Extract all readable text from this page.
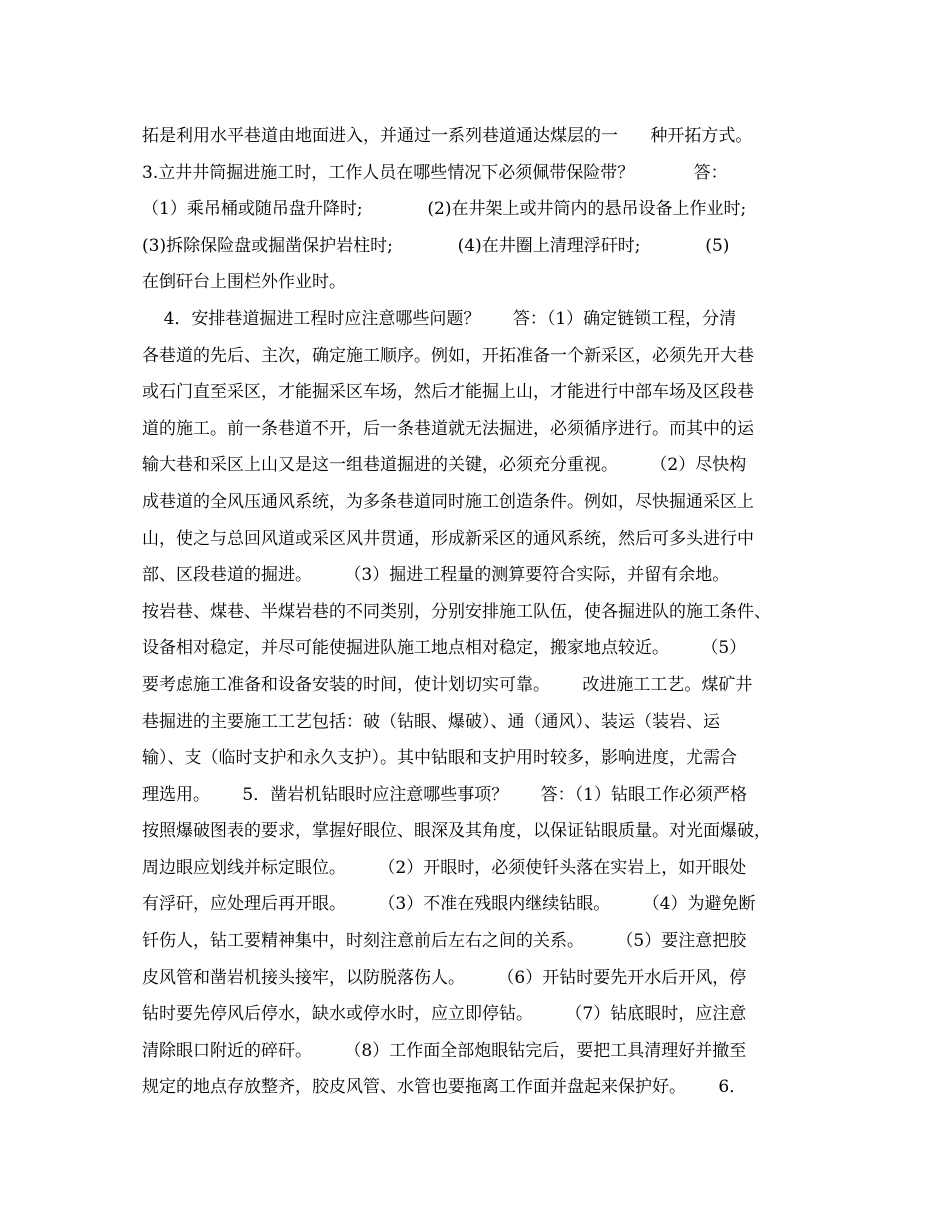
拓是利用水平巷道由地面进入，并通过一系列巷道通达煤层的一      种开拓方式。
3.立井井筒掘进施工时，工作人员在哪些情况下必须佩带保险带？           答：
（1）乘吊桶或随吊盘升降时;            (2)在井架上或井筒内的悬吊设备上作业时;
(3)拆除保险盘或掘凿保护岩柱时;            (4)在井圈上清理浮矸时;            (5)
在倒矸台上围栏外作业时。
4．安排巷道掘进工程时应注意哪些问题？      答：（1）确定链锁工程，分清
各巷道的先后、主次，确定施工顺序。例如，开拓准备一个新采区，必须先开大巷
或石门直至采区，才能掘采区车场，然后才能掘上山，才能进行中部车场及区段巷
道的施工。前一条巷道不开，后一条巷道就无法掘进，必须循序进行。而其中的运
输大巷和采区上山又是这一组巷道掘进的关键，必须充分重视。      （2）尽快构
成巷道的全风压通风系统，为多条巷道同时施工创造条件。例如，尽快掘通采区上
山，使之与总回风道或采区风井贯通，形成新采区的通风系统，然后可多头进行中
部、区段巷道的掘进。      （3）掘进工程量的测算要符合实际，并留有余地。
按岩巷、煤巷、半煤岩巷的不同类别，分别安排施工队伍，使各掘进队的施工条件、
设备相对稳定，并尽可能使掘进队施工地点相对稳定，搬家地点较近。      （5）
要考虑施工准备和设备安装的时间，使计划切实可靠。      改进施工工艺。煤矿井
巷掘进的主要施工工艺包括：破（钻眼、爆破）、通（通风）、装运（装岩、运
输）、支（临时支护和永久支护）。其中钻眼和支护用时较多，影响进度，尤需合
理选用。      5．凿岩机钻眼时应注意哪些事项？      答：（1）钻眼工作必须严格
按照爆破图表的要求，掌握好眼位、眼深及其角度，以保证钻眼质量。对光面爆破，
周边眼应划线并标定眼位。      （2）开眼时，必须使钎头落在实岩上，如开眼处
有浮矸，应处理后再开眼。      （3）不准在残眼内继续钻眼。      （4）为避免断
钎伤人，钻工要精神集中，时刻注意前后左右之间的关系。      （5）要注意把胶
皮风管和凿岩机接头接牢，以防脱落伤人。      （6）开钻时要先开水后开风，停
钻时要先停风后停水，缺水或停水时，应立即停钻。      （7）钻底眼时，应注意
清除眼口附近的碎矸。      （8）工作面全部炮眼钻完后，要把工具清理好并撤至
规定的地点存放整齐，胶皮风管、水管也要拖离工作面并盘起来保护好。      6．
